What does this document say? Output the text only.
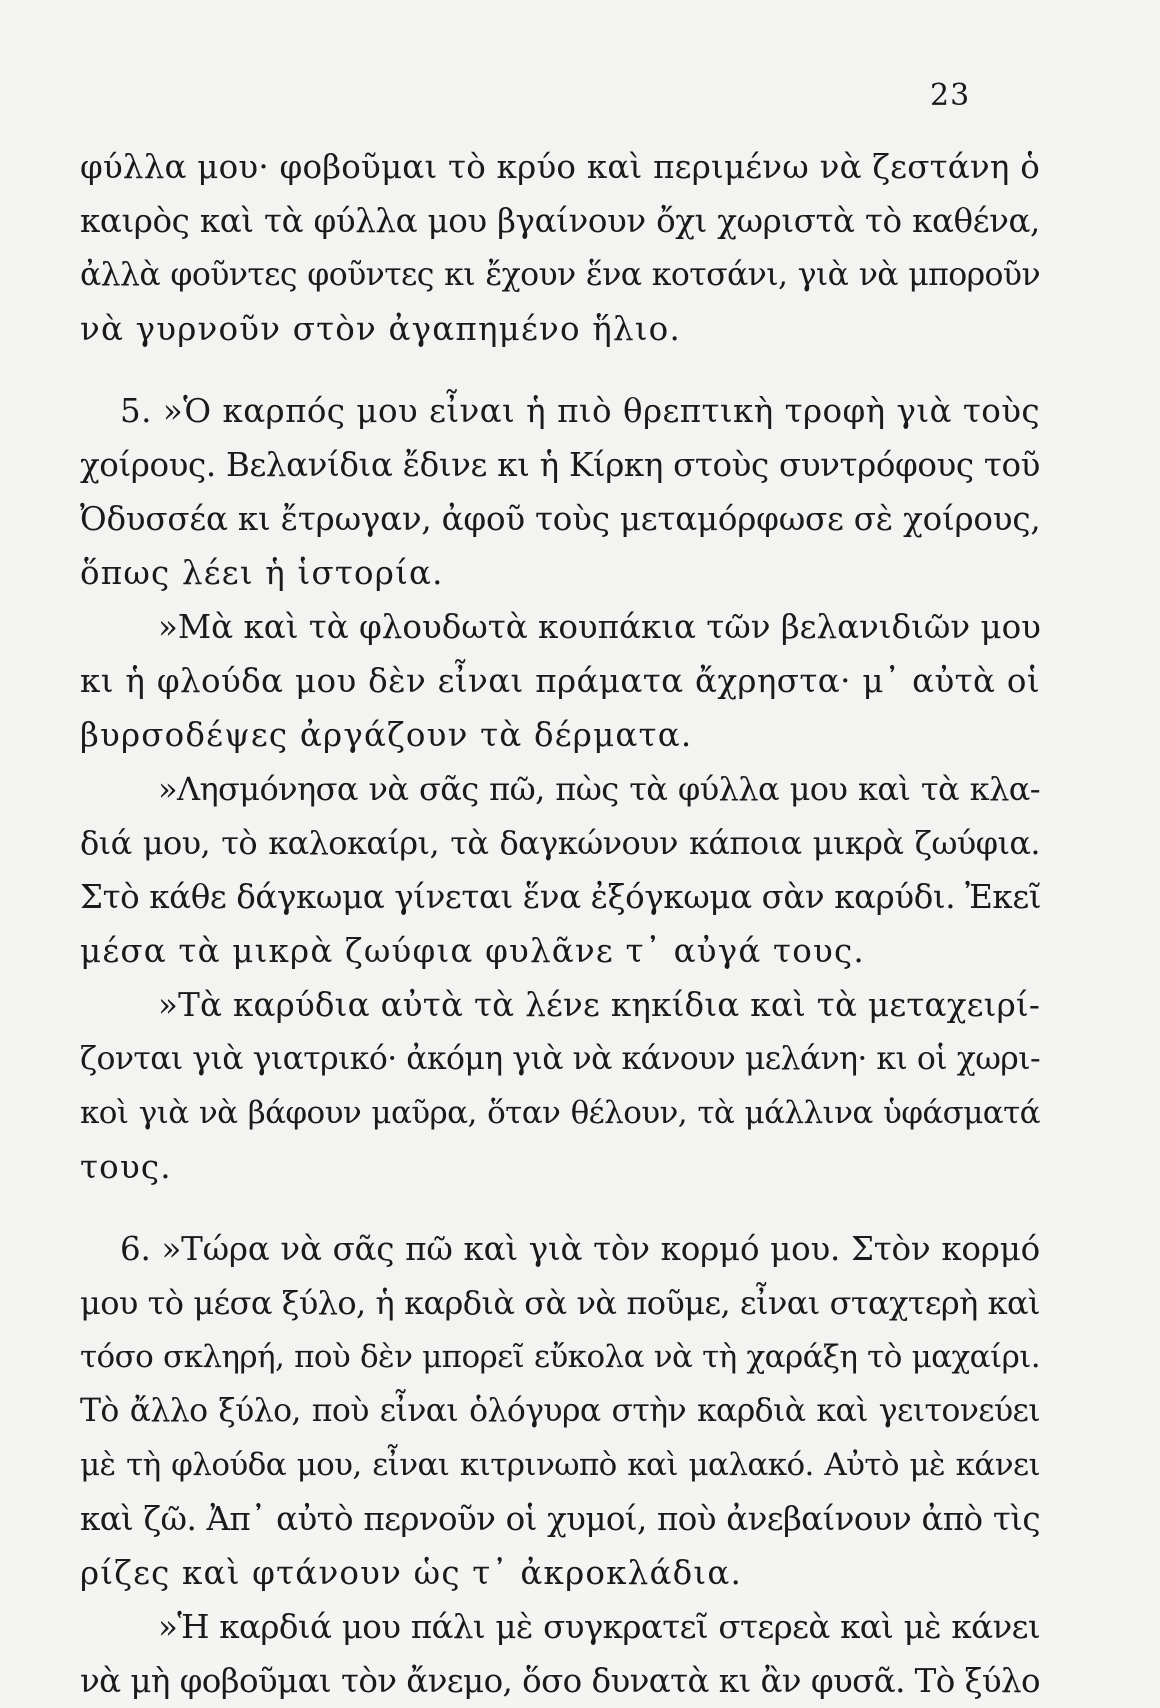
23
φύλλα μου· φοβοῦμαι τὸ κρύο καὶ περιμένω νὰ ζεστάνη ὁ
καιρὸς καὶ τὰ φύλλα μου βγαίνουν ὄχι χωριστὰ τὸ καθένα,
ἀλλὰ φοῦντες φοῦντες κι ἔχουν ἕνα κοτσάνι, γιὰ νὰ μποροῦν
νὰ γυρνοῦν στὸν ἀγαπημένο ἥλιο.
5. »Ὁ καρπός μου εἶναι ἡ πιὸ θρεπτικὴ τροφὴ γιὰ τοὺς
χοίρους. Βελανίδια ἔδινε κι ἡ Κίρκη στοὺς συντρόφους τοῦ
Ὀδυσσέα κι ἔτρωγαν, ἀφοῦ τοὺς μεταμόρφωσε σὲ χοίρους,
ὅπως λέει ἡ ἱστορία.
»Μὰ καὶ τὰ φλουδωτὰ κουπάκια τῶν βελανιδιῶν μου
κι ἡ φλούδα μου δὲν εἶναι πράματα ἄχρηστα· μ᾽ αὐτὰ οἱ
βυρσοδέψες ἀργάζουν τὰ δέρματα.
»Λησμόνησα νὰ σᾶς πῶ, πὼς τὰ φύλλα μου καὶ τὰ κλα-
διά μου, τὸ καλοκαίρι, τὰ δαγκώνουν κάποια μικρὰ ζωύφια.
Στὸ κάθε δάγκωμα γίνεται ἕνα ἐξόγκωμα σὰν καρύδι. Ἐκεῖ
μέσα τὰ μικρὰ ζωύφια φυλᾶνε τ᾽ αὐγά τους.
»Τὰ καρύδια αὐτὰ τὰ λένε κηκίδια καὶ τὰ μεταχειρί-
ζονται γιὰ γιατρικό· ἀκόμη γιὰ νὰ κάνουν μελάνη· κι οἱ χωρι-
κοὶ γιὰ νὰ βάφουν μαῦρα, ὅταν θέλουν, τὰ μάλλινα ὑφάσματά
τους.
6. »Τώρα νὰ σᾶς πῶ καὶ γιὰ τὸν κορμό μου. Στὸν κορμό
μου τὸ μέσα ξύλο, ἡ καρδιὰ σὰ νὰ ποῦμε, εἶναι σταχτερὴ καὶ
τόσο σκληρή, ποὺ δὲν μπορεῖ εὔκολα νὰ τὴ χαράξη τὸ μαχαίρι.
Τὸ ἄλλο ξύλο, ποὺ εἶναι ὁλόγυρα στὴν καρδιὰ καὶ γειτονεύει
μὲ τὴ φλούδα μου, εἶναι κιτρινωπὸ καὶ μαλακό. Αὐτὸ μὲ κάνει
καὶ ζῶ. Ἀπ᾽ αὐτὸ περνοῦν οἱ χυμοί, ποὺ ἀνεβαίνουν ἀπὸ τὶς
ρίζες καὶ φτάνουν ὡς τ᾽ ἀκροκλάδια.
»Ἡ καρδιά μου πάλι μὲ συγκρατεῖ στερεὰ καὶ μὲ κάνει
νὰ μὴ φοβοῦμαι τὸν ἄνεμο, ὅσο δυνατὰ κι ἂν φυσᾶ. Τὸ ξύλο
